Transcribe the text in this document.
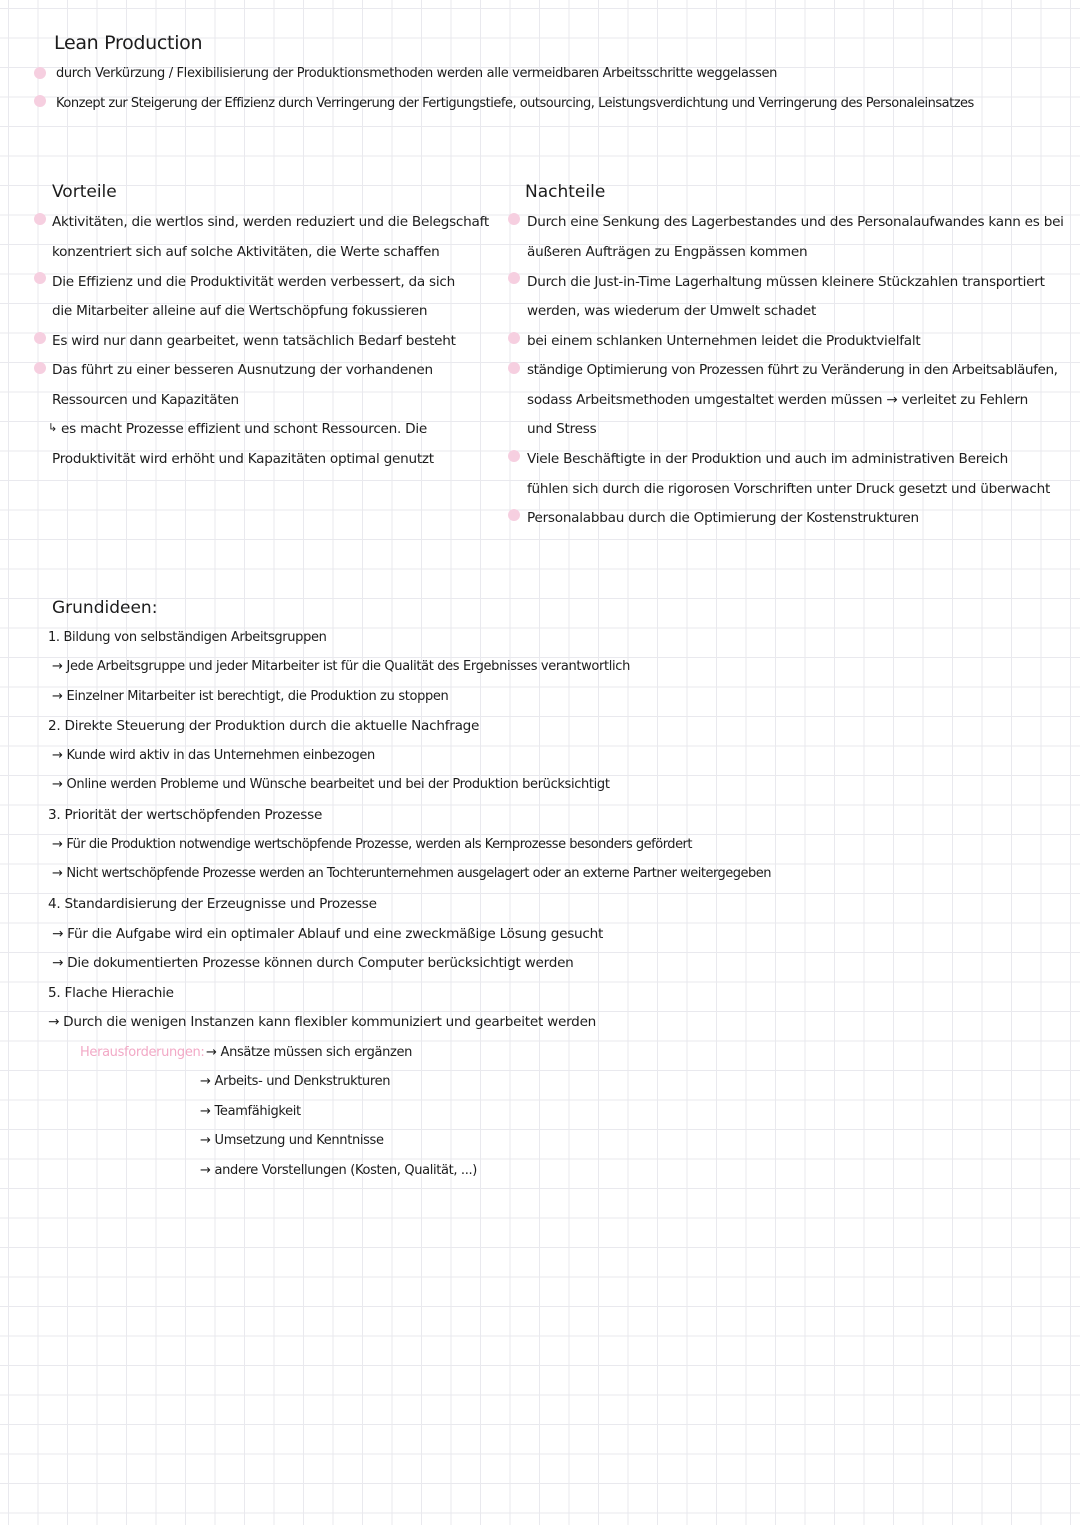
Lean Production
durch Verkürzung / Flexibilisierung der Produktionsmethoden werden alle vermeidbaren Arbeitsschritte weggelassen
Konzept zur Steigerung der Effizienz durch Verringerung der Fertigungstiefe, outsourcing, Leistungsverdichtung und Verringerung des Personaleinsatzes
Vorteile
Aktivitäten, die wertlos sind, werden reduziert und die Belegschaft
konzentriert sich auf solche Aktivitäten, die Werte schaffen
Die Effizienz und die Produktivität werden verbessert, da sich
die Mitarbeiter alleine auf die Wertschöpfung fokussieren
Es wird nur dann gearbeitet, wenn tatsächlich Bedarf besteht
Das führt zu einer besseren Ausnutzung der vorhandenen
Ressourcen und Kapazitäten
↳ es macht Prozesse effizient und schont Ressourcen. Die
Produktivität wird erhöht und Kapazitäten optimal genutzt
Nachteile
Durch eine Senkung des Lagerbestandes und des Personalaufwandes kann es bei
äußeren Aufträgen zu Engpässen kommen
Durch die Just-in-Time Lagerhaltung müssen kleinere Stückzahlen transportiert
werden, was wiederum der Umwelt schadet
bei einem schlanken Unternehmen leidet die Produktvielfalt
ständige Optimierung von Prozessen führt zu Veränderung in den Arbeitsabläufen,
sodass Arbeitsmethoden umgestaltet werden müssen → verleitet zu Fehlern
und Stress
Viele Beschäftigte in der Produktion und auch im administrativen Bereich
fühlen sich durch die rigorosen Vorschriften unter Druck gesetzt und überwacht
Personalabbau durch die Optimierung der Kostenstrukturen
Grundideen:
1. Bildung von selbständigen Arbeitsgruppen
→ Jede Arbeitsgruppe und jeder Mitarbeiter ist für die Qualität des Ergebnisses verantwortlich
→ Einzelner Mitarbeiter ist berechtigt, die Produktion zu stoppen
2. Direkte Steuerung der Produktion durch die aktuelle Nachfrage
→ Kunde wird aktiv in das Unternehmen einbezogen
→ Online werden Probleme und Wünsche bearbeitet und bei der Produktion berücksichtigt
3. Priorität der wertschöpfenden Prozesse
→ Für die Produktion notwendige wertschöpfende Prozesse, werden als Kernprozesse besonders gefördert
→ Nicht wertschöpfende Prozesse werden an Tochterunternehmen ausgelagert oder an externe Partner weitergegeben
4. Standardisierung der Erzeugnisse und Prozesse
→ Für die Aufgabe wird ein optimaler Ablauf und eine zweckmäßige Lösung gesucht
→ Die dokumentierten Prozesse können durch Computer berücksichtigt werden
5. Flache Hierachie
→ Durch die wenigen Instanzen kann flexibler kommuniziert und gearbeitet werden
Herausforderungen: → Ansätze müssen sich ergänzen
→ Arbeits- und Denkstrukturen
→ Teamfähigkeit
→ Umsetzung und Kenntnisse
→ andere Vorstellungen (Kosten, Qualität, ...)
